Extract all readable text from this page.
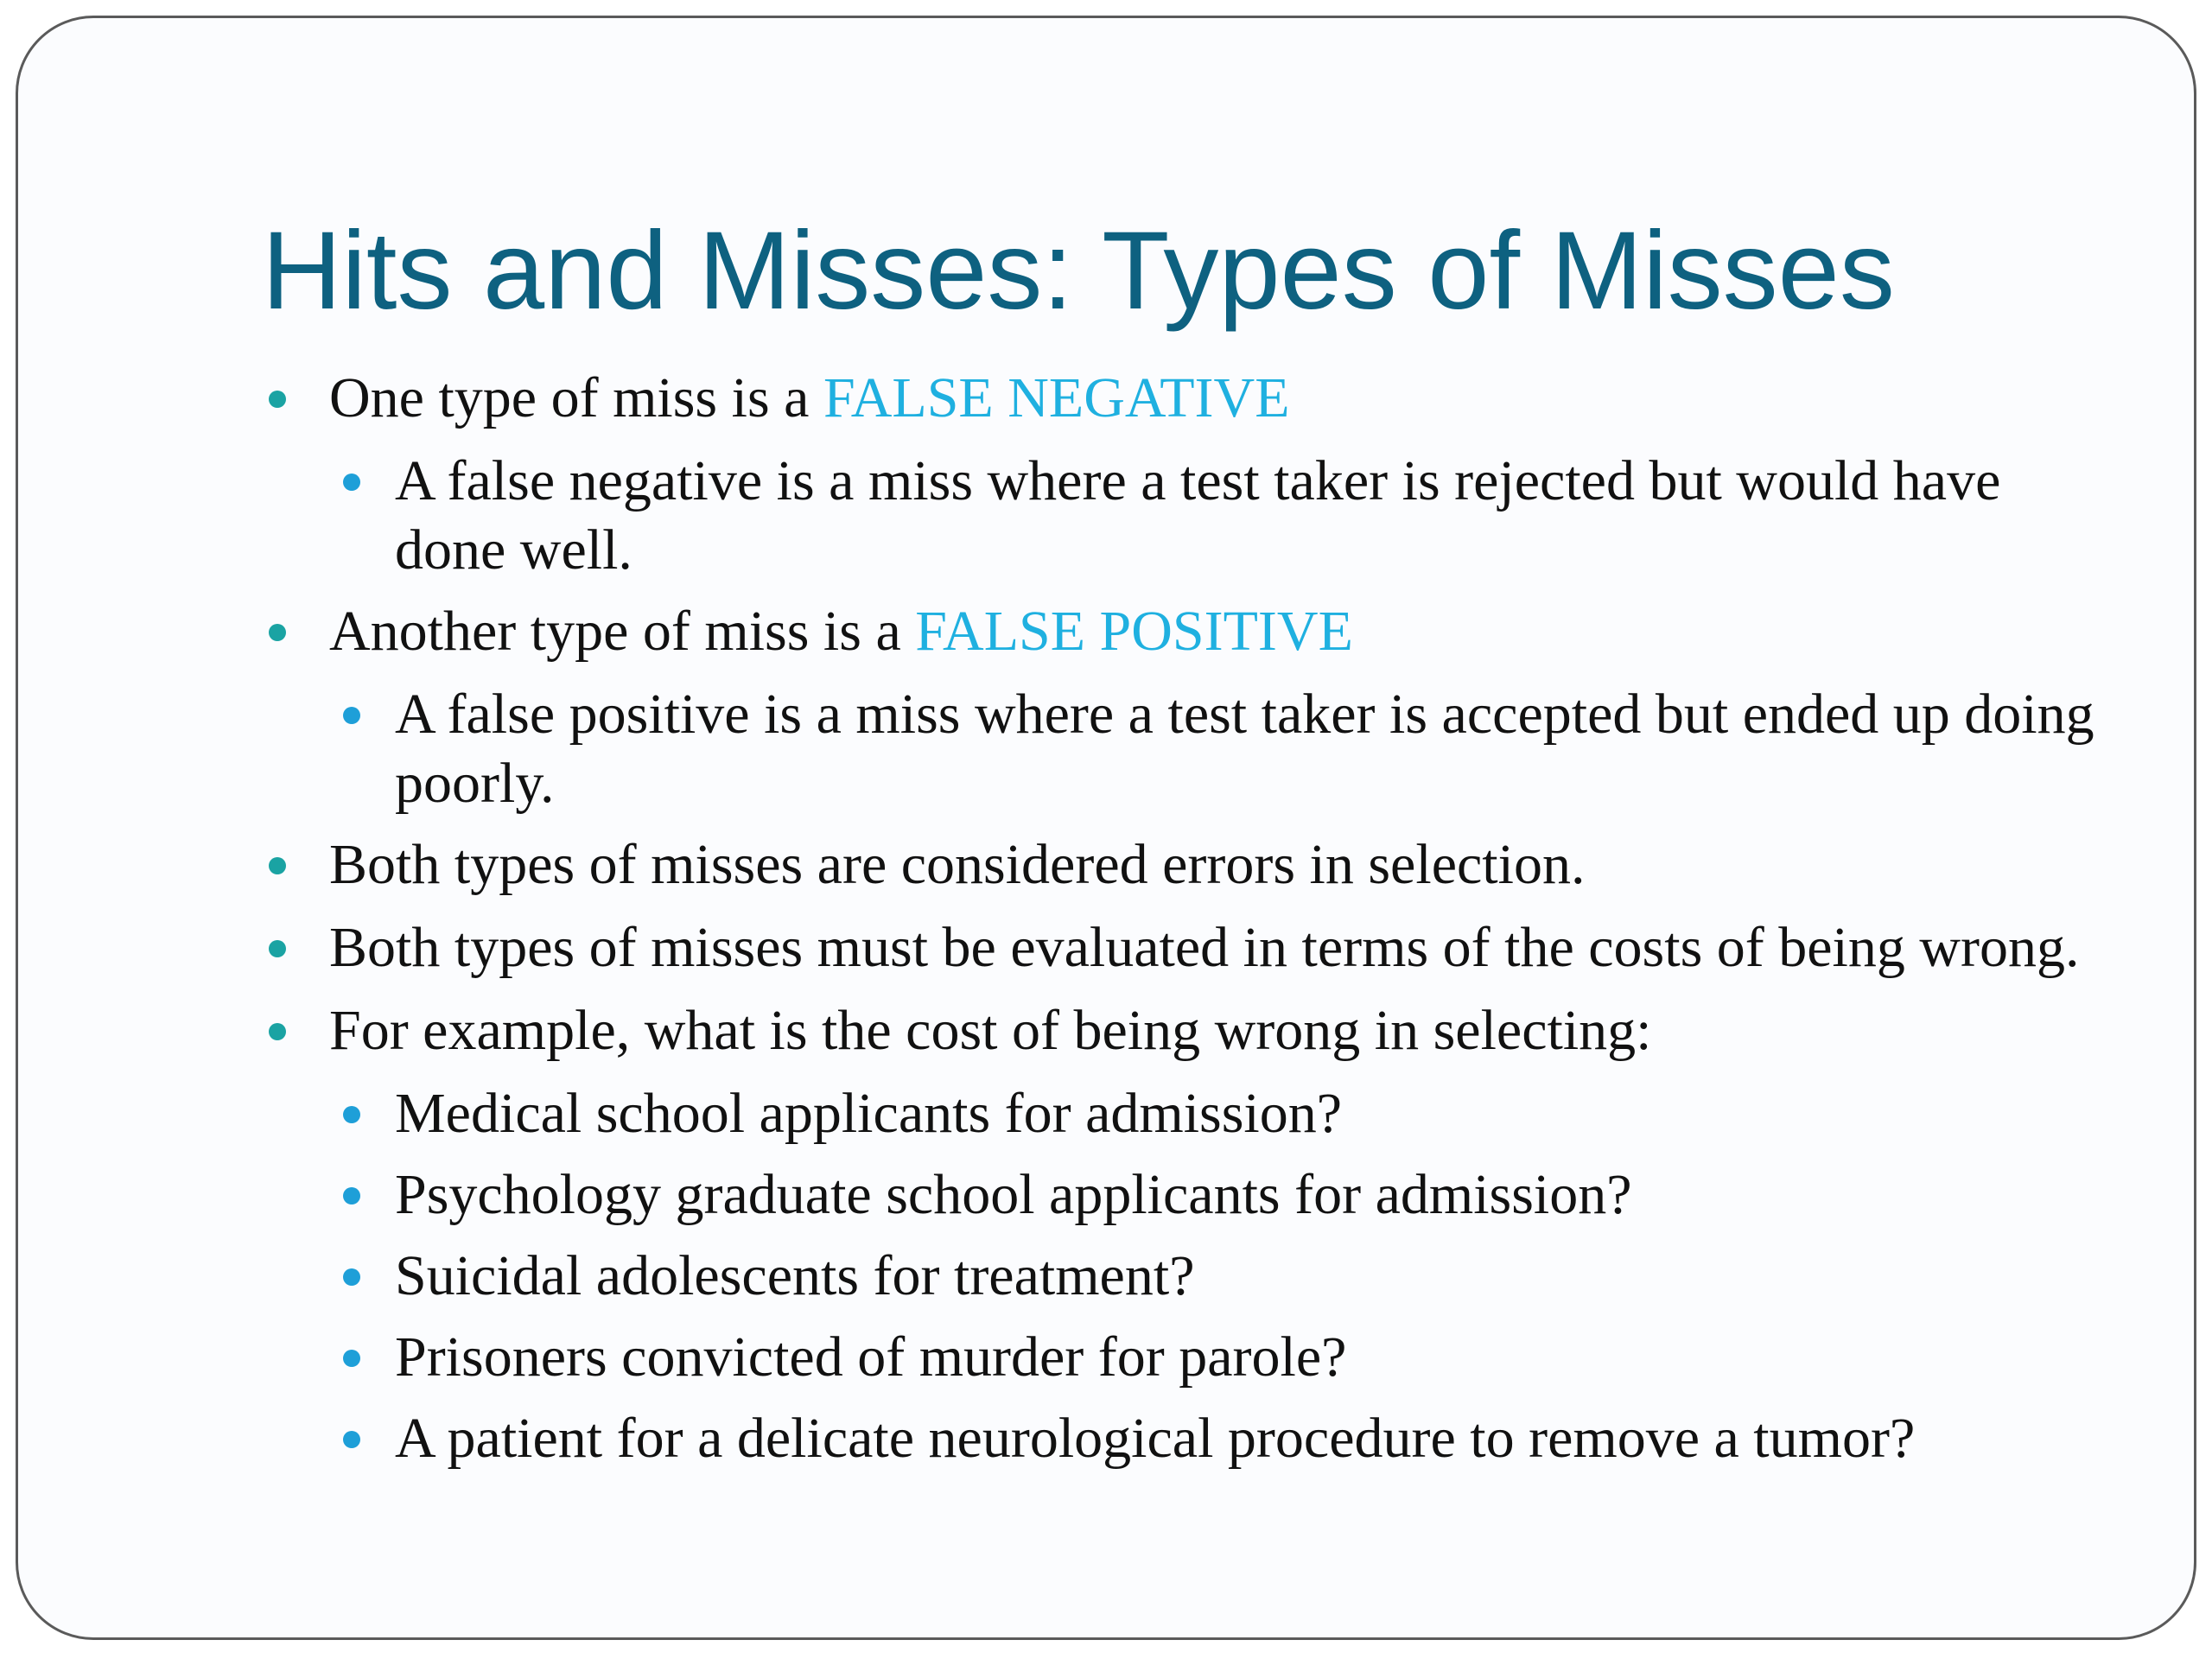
Hits and Misses: Types of Misses

One type of miss is a FALSE NEGATIVE

A false negative is a miss where a test taker is rejected but would have done well.

Another type of miss is a FALSE POSITIVE

A false positive is a miss where a test taker is accepted but ended up doing poorly.

Both types of misses are considered errors in selection.

Both types of misses must be evaluated in terms of the costs of being wrong.

For example, what is the cost of being wrong in selecting:

Medical school applicants for admission?

Psychology graduate school applicants for admission?

Suicidal adolescents for treatment?

Prisoners convicted of murder for parole?

A patient for a delicate neurological procedure to remove a tumor?
